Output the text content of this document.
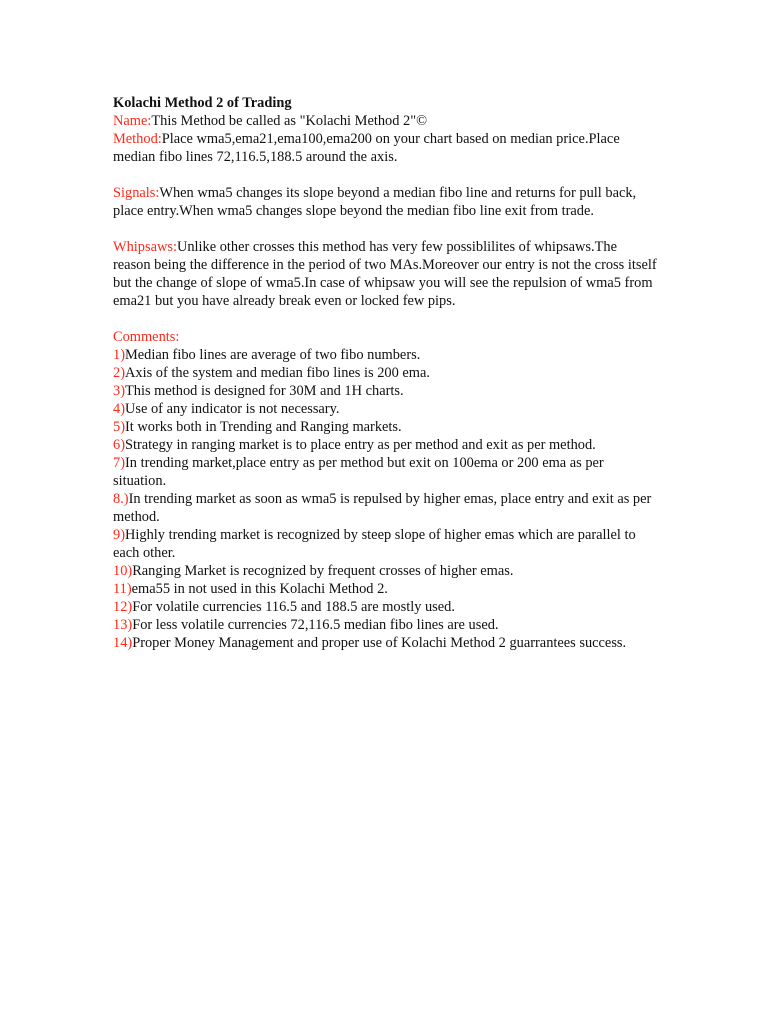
Kolachi Method 2 of Trading

Name:This Method be called as "Kolachi Method 2"©

Method:Place wma5,ema21,ema100,ema200 on your chart based on median price.Place median fibo lines 72,116.5,188.5 around the axis.

Signals:When wma5 changes its slope beyond a median fibo line and returns for pull back, place entry.When wma5 changes slope beyond the median fibo line exit from trade.

Whipsaws:Unlike other crosses this method has very few possiblilites of whipsaws.The reason being the difference in the period of two MAs.Moreover our entry is not the cross itself but the change of slope of wma5.In case of whipsaw you will see the repulsion of wma5 from ema21 but you have already break even or locked few pips.

Comments:

1)Median fibo lines are average of two fibo numbers.

2)Axis of the system and median fibo lines is 200 ema.

3)This method is designed for 30M and 1H charts.

4)Use of any indicator is not necessary.

5)It works both in Trending and Ranging markets.

6)Strategy in ranging market is to place entry as per method and exit as per method.

7)In trending market,place entry as per method but exit on 100ema or 200 ema as per situation.

8.)In trending market as soon as wma5 is repulsed by higher emas, place entry and exit as per method.

9)Highly trending market is recognized by steep slope of higher emas which are parallel to each other.

10)Ranging Market is recognized by frequent crosses of higher emas.

11)ema55 in not used in this Kolachi Method 2.

12)For volatile currencies 116.5 and 188.5 are mostly used.

13)For less volatile currencies 72,116.5 median fibo lines are used.

14)Proper Money Management and proper use of Kolachi Method 2 guarrantees success.
